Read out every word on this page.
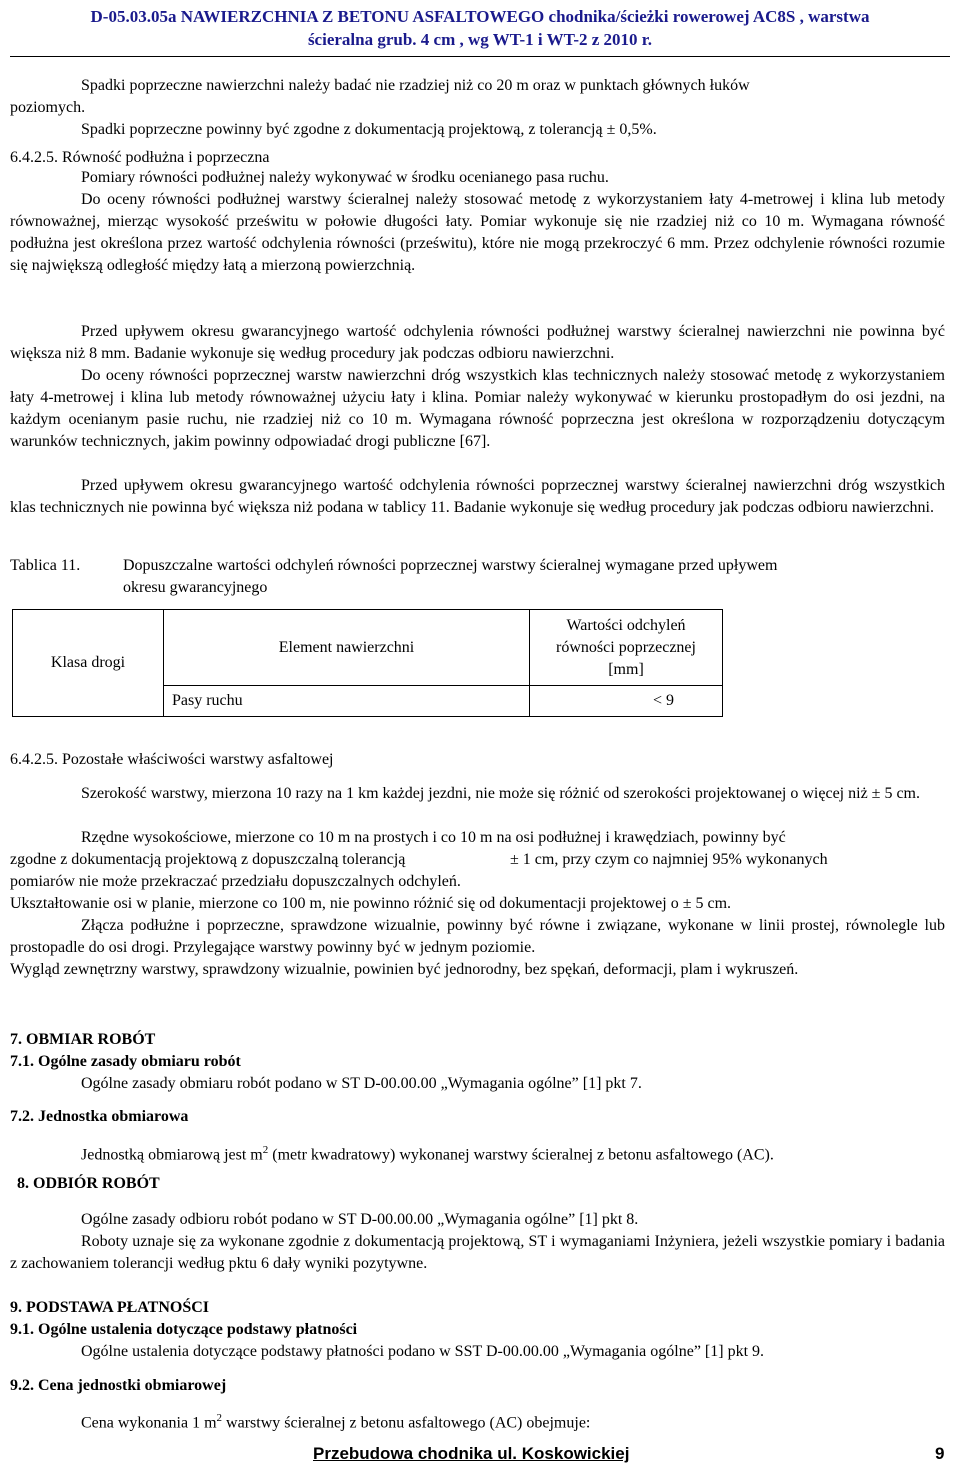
D-05.03.05a NAWIERZCHNIA Z BETONU ASFALTOWEGO chodnika/ścieżki rowerowej AC8S , warstwa
ścieralna grub. 4 cm , wg WT-1 i WT-2 z 2010 r.
Spadki poprzeczne nawierzchni należy badać nie rzadziej niż co 20 m oraz w punktach głównych łuków
poziomych.
Spadki poprzeczne powinny być zgodne z dokumentacją projektową, z tolerancją ± 0,5%.
6.4.2.5. Równość podłużna i poprzeczna
Pomiary równości podłużnej należy wykonywać w środku ocenianego pasa ruchu.
Do oceny równości podłużnej warstwy ścieralnej należy stosować metodę z wykorzystaniem łaty 4-metrowej i klina lub metody równoważnej, mierząc wysokość prześwitu w połowie długości łaty. Pomiar wykonuje się nie rzadziej niż co 10 m. Wymagana równość podłużna jest określona przez wartość odchylenia równości (prześwitu), które nie mogą przekroczyć 6 mm. Przez odchylenie równości rozumie się największą odległość między łatą a mierzoną powierzchnią.
Przed upływem okresu gwarancyjnego wartość odchylenia równości podłużnej warstwy ścieralnej nawierzchni nie powinna być większa niż 8 mm. Badanie wykonuje się według procedury jak podczas odbioru nawierzchni.
Do oceny równości poprzecznej warstw nawierzchni dróg wszystkich klas technicznych należy stosować metodę z wykorzystaniem łaty 4-metrowej i klina lub metody równoważnej użyciu łaty i klina. Pomiar należy wykonywać w kierunku prostopadłym do osi jezdni, na każdym ocenianym pasie ruchu, nie rzadziej niż co 10 m. Wymagana równość poprzeczna jest określona w rozporządzeniu dotyczącym warunków technicznych, jakim powinny odpowiadać drogi publiczne [67].
Przed upływem okresu gwarancyjnego wartość odchylenia równości poprzecznej warstwy ścieralnej nawierzchni dróg wszystkich klas technicznych nie powinna być większa niż podana w tablicy 11. Badanie wykonuje się według procedury jak podczas odbioru nawierzchni.
Tablica 11.	Dopuszczalne wartości odchyleń równości poprzecznej warstwy ścieralnej wymagane przed upływem
okresu gwarancyjnego
Klasa drogi	Element nawierzchni	Wartości odchyleń
równości poprzecznej
[mm]

	Pasy ruchu	< 9
6.4.2.5. Pozostałe właściwości warstwy asfaltowej
Szerokość warstwy, mierzona 10 razy na 1 km każdej jezdni, nie może się różnić od szerokości projektowanej o więcej niż ± 5 cm.
Rzędne wysokościowe, mierzone co 10 m na prostych i co 10 m na osi podłużnej i krawędziach, powinny być
zgodne z dokumentacją projektową z dopuszczalną tolerancją	± 1 cm, przy czym co najmniej 95% wykonanych
pomiarów nie może przekraczać przedziału dopuszczalnych odchyleń.
Ukształtowanie osi w planie, mierzone co 100 m, nie powinno różnić się od dokumentacji projektowej o ± 5 cm.
Złącza podłużne i poprzeczne, sprawdzone wizualnie, powinny być równe i związane, wykonane w linii prostej, równolegle lub prostopadle do osi drogi. Przylegające warstwy powinny być w jednym poziomie.
Wygląd zewnętrzny warstwy, sprawdzony wizualnie, powinien być jednorodny, bez spękań, deformacji, plam i wykruszeń.
7. OBMIAR ROBÓT
7.1. Ogólne zasady obmiaru robót
Ogólne zasady obmiaru robót podano w ST D-00.00.00 „Wymagania ogólne” [1] pkt 7.
7.2. Jednostka obmiarowa
Jednostką obmiarową jest $m^2$ (metr kwadratowy) wykonanej warstwy ścieralnej z betonu asfaltowego (AC).
8. ODBIÓR ROBÓT
Ogólne zasady odbioru robót podano w ST D-00.00.00 „Wymagania ogólne” [1] pkt 8.
Roboty uznaje się za wykonane zgodnie z dokumentacją projektową, ST i wymaganiami Inżyniera, jeżeli wszystkie pomiary i badania z zachowaniem tolerancji według pktu 6 dały wyniki pozytywne.
9. PODSTAWA PŁATNOŚCI
9.1. Ogólne ustalenia dotyczące podstawy płatności
Ogólne ustalenia dotyczące podstawy płatności podano w SST D-00.00.00 „Wymagania ogólne” [1] pkt 9.
9.2. Cena jednostki obmiarowej
Cena wykonania 1 $m^2$ warstwy ścieralnej z betonu asfaltowego (AC) obejmuje:
Przebudowa chodnika ul. Koskowickiej	9
